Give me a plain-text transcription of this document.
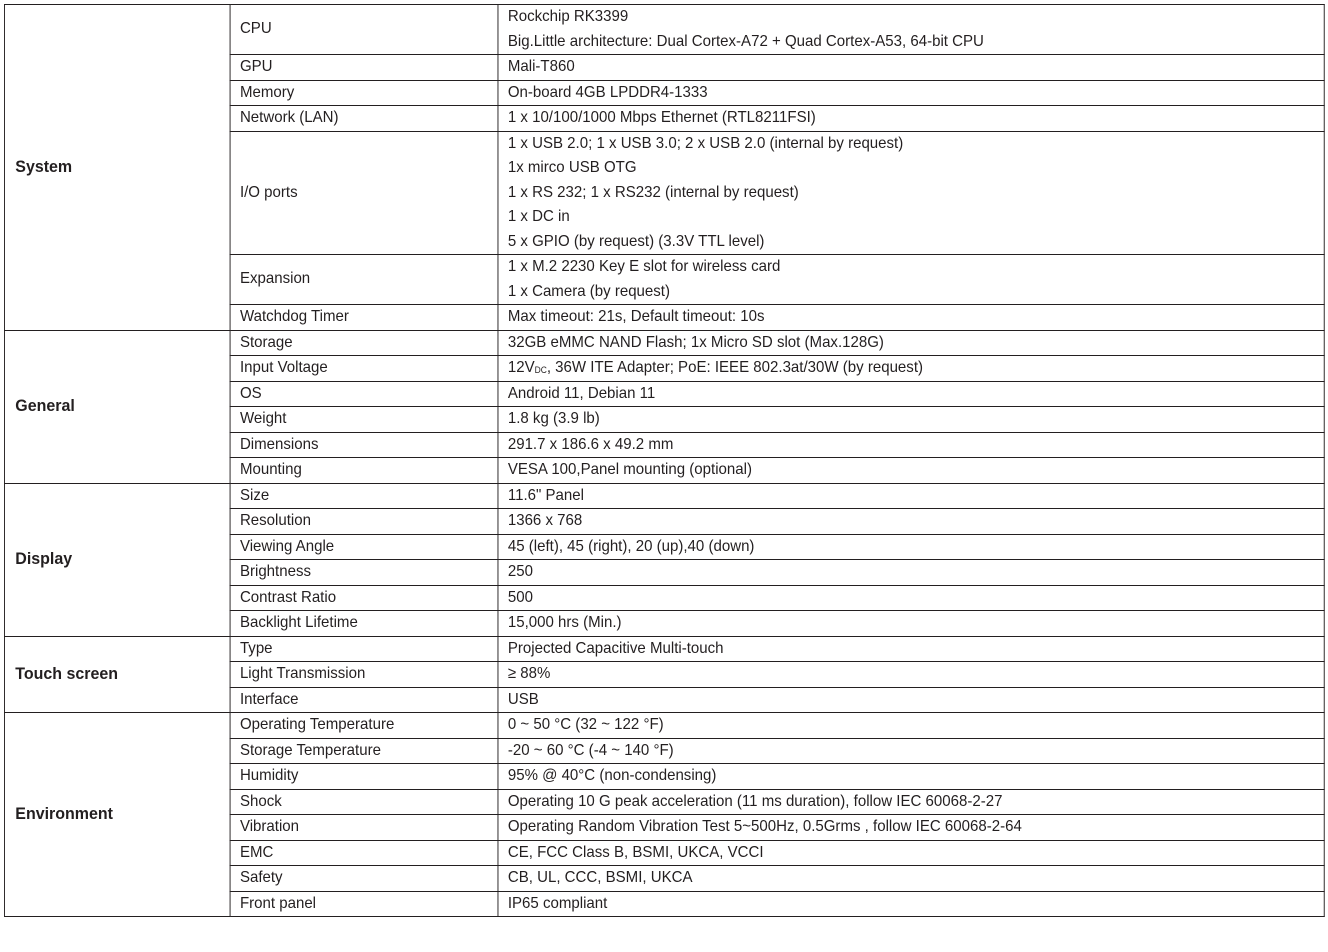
System	CPU	Rockchip RK3399
Big.Little architecture: Dual Cortex-A72 + Quad Cortex-A53, 64-bit CPU

	GPU	Mali-T860

	Memory	On-board 4GB LPDDR4-1333

	Network (LAN)	1 x 10/100/1000 Mbps Ethernet (RTL8211FSI)

	I/O ports	1 x USB 2.0; 1 x USB 3.0; 2 x USB 2.0 (internal by request)
1x mirco USB OTG
1 x RS 232; 1 x RS232 (internal by request)
1 x DC in
5 x GPIO (by request) (3.3V TTL level)

	Expansion	1 x M.2 2230 Key E slot for wireless card
1 x Camera (by request)

	Watchdog Timer	Max timeout: 21s, Default timeout: 10s

General	Storage	32GB eMMC NAND Flash; 1x Micro SD slot (Max.128G)

	Input Voltage	$12V_{DC}$, 36W ITE Adapter; PoE: IEEE 802.3at/30W (by request)
	OS	Android 11, Debian 11

	Weight	1.8 kg (3.9 lb)

	Dimensions	291.7 x 186.6 x 49.2 mm

	Mounting	VESA 100,Panel mounting (optional)

Display	Size	11.6" Panel

	Resolution	1366 x 768

	Viewing Angle	45 (left), 45 (right), 20 (up),40 (down)

	Brightness	250

	Contrast Ratio	500

	Backlight Lifetime	15,000 hrs (Min.)

Touch screen	Type	Projected Capacitive Multi-touch

	Light Transmission	≥ 88%

	Interface	USB

Environment	Operating Temperature	0 ~ 50 °C (32 ~ 122 °F)

	Storage Temperature	-20 ~ 60 °C (-4 ~ 140 °F)

	Humidity	95% @ 40°C (non-condensing)

	Shock	Operating 10 G peak acceleration (11 ms duration), follow IEC 60068-2-27

	Vibration	Operating Random Vibration Test 5~500Hz, 0.5Grms , follow IEC 60068-2-64

	EMC	CE, FCC Class B, BSMI, UKCA, VCCI

	Safety	CB, UL, CCC, BSMI, UKCA

	Front panel	IP65 compliant
